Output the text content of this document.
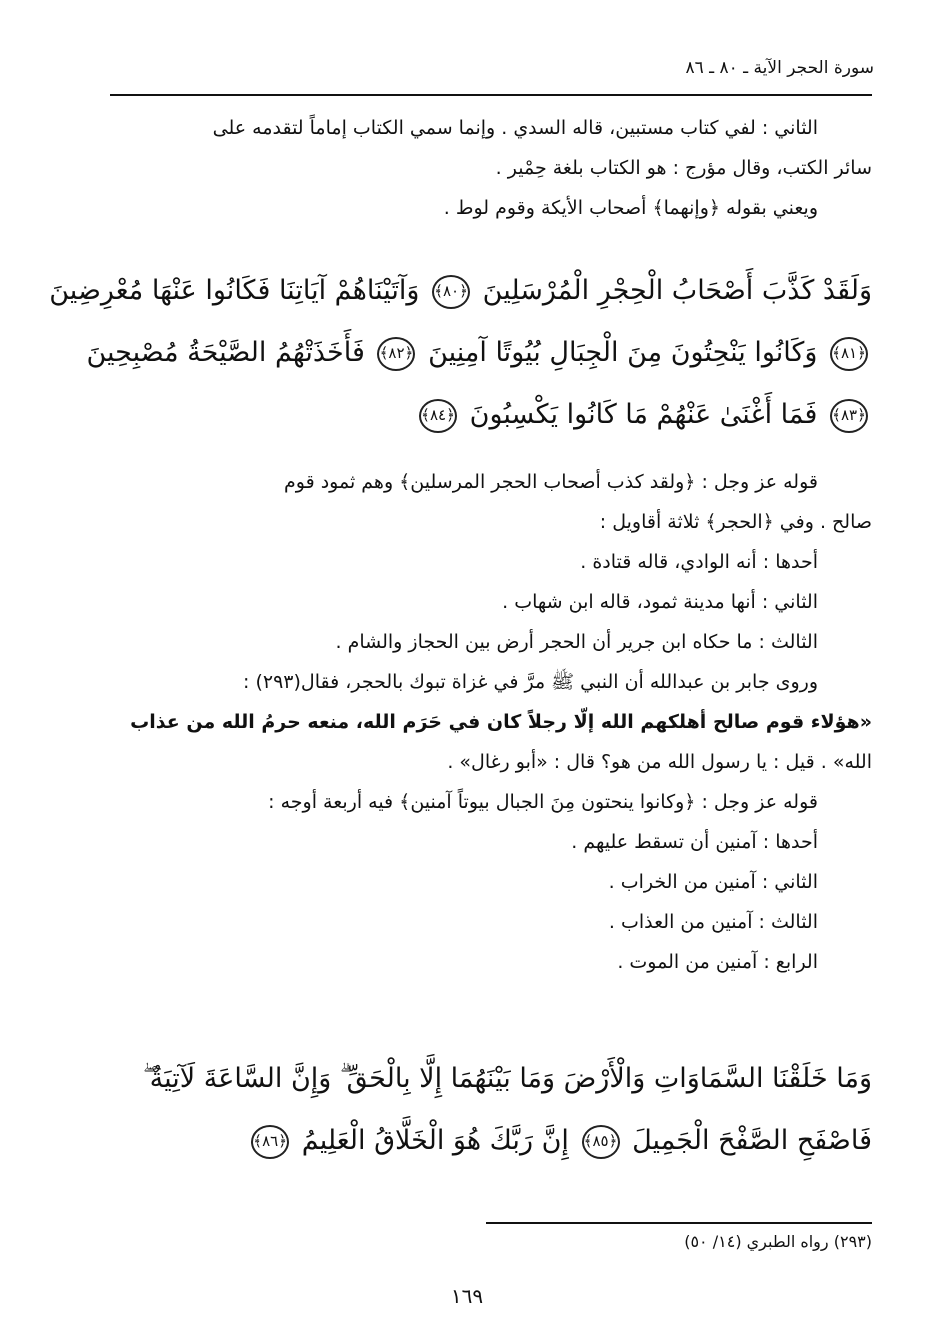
سورة الحجر الآية ـ ٨٠ ـ ٨٦
الثاني : لفي كتاب مستبين، قاله السدي . وإنما سمي الكتاب إماماً لتقدمه على
سائر الكتب، وقال مؤرج : هو الكتاب بلغة حِمْير .
ويعني بقوله ﴿وإنهما﴾ أصحاب الأيكة وقوم لوط .
وَلَقَدْ كَذَّبَ أَصْحَابُ الْحِجْرِ الْمُرْسَلِينَ ﴿٨٠﴾ وَآتَيْنَاهُمْ آيَاتِنَا فَكَانُوا عَنْهَا مُعْرِضِينَ
﴿٨١﴾ وَكَانُوا يَنْحِتُونَ مِنَ الْجِبَالِ بُيُوتًا آمِنِينَ ﴿٨٢﴾ فَأَخَذَتْهُمُ الصَّيْحَةُ مُصْبِحِينَ
﴿٨٣﴾ فَمَا أَغْنَىٰ عَنْهُمْ مَا كَانُوا يَكْسِبُونَ ﴿٨٤﴾
قوله عز وجل : ﴿ولقد كذب أصحاب الحجر المرسلين﴾ وهم ثمود قوم
صالح . وفي ﴿الحجر﴾ ثلاثة أقاويل :
أحدها : أنه الوادي، قاله قتادة .
الثاني : أنها مدينة ثمود، قاله ابن شهاب .
الثالث : ما حكاه ابن جرير أن الحجر أرض بين الحجاز والشام .
وروى جابر بن عبدالله أن النبي ﷺ مرَّ في غزاة تبوك بالحجر، فقال(٢٩٣) :
«هؤلاء قوم صالح أهلكهم الله إلّا رجلاً كان في حَرَم الله، منعه حرمُ الله من عذاب
الله» . قيل : يا رسول الله من هو؟ قال : «أبو رغال» .
قوله عز وجل : ﴿وكانوا ينحتون مِنَ الجبال بيوتاً آمنين﴾ فيه أربعة أوجه :
أحدها : آمنين أن تسقط عليهم .
الثاني : آمنين من الخراب .
الثالث : آمنين من العذاب .
الرابع : آمنين من الموت .
وَمَا خَلَقْنَا السَّمَاوَاتِ وَالْأَرْضَ وَمَا بَيْنَهُمَا إِلَّا بِالْحَقِّ ۗ وَإِنَّ السَّاعَةَ لَآتِيَةٌ ۖ
فَاصْفَحِ الصَّفْحَ الْجَمِيلَ ﴿٨٥﴾ إِنَّ رَبَّكَ هُوَ الْخَلَّاقُ الْعَلِيمُ ﴿٨٦﴾
(٢٩٣) رواه الطبري (١٤/ ٥٠)
١٦٩
